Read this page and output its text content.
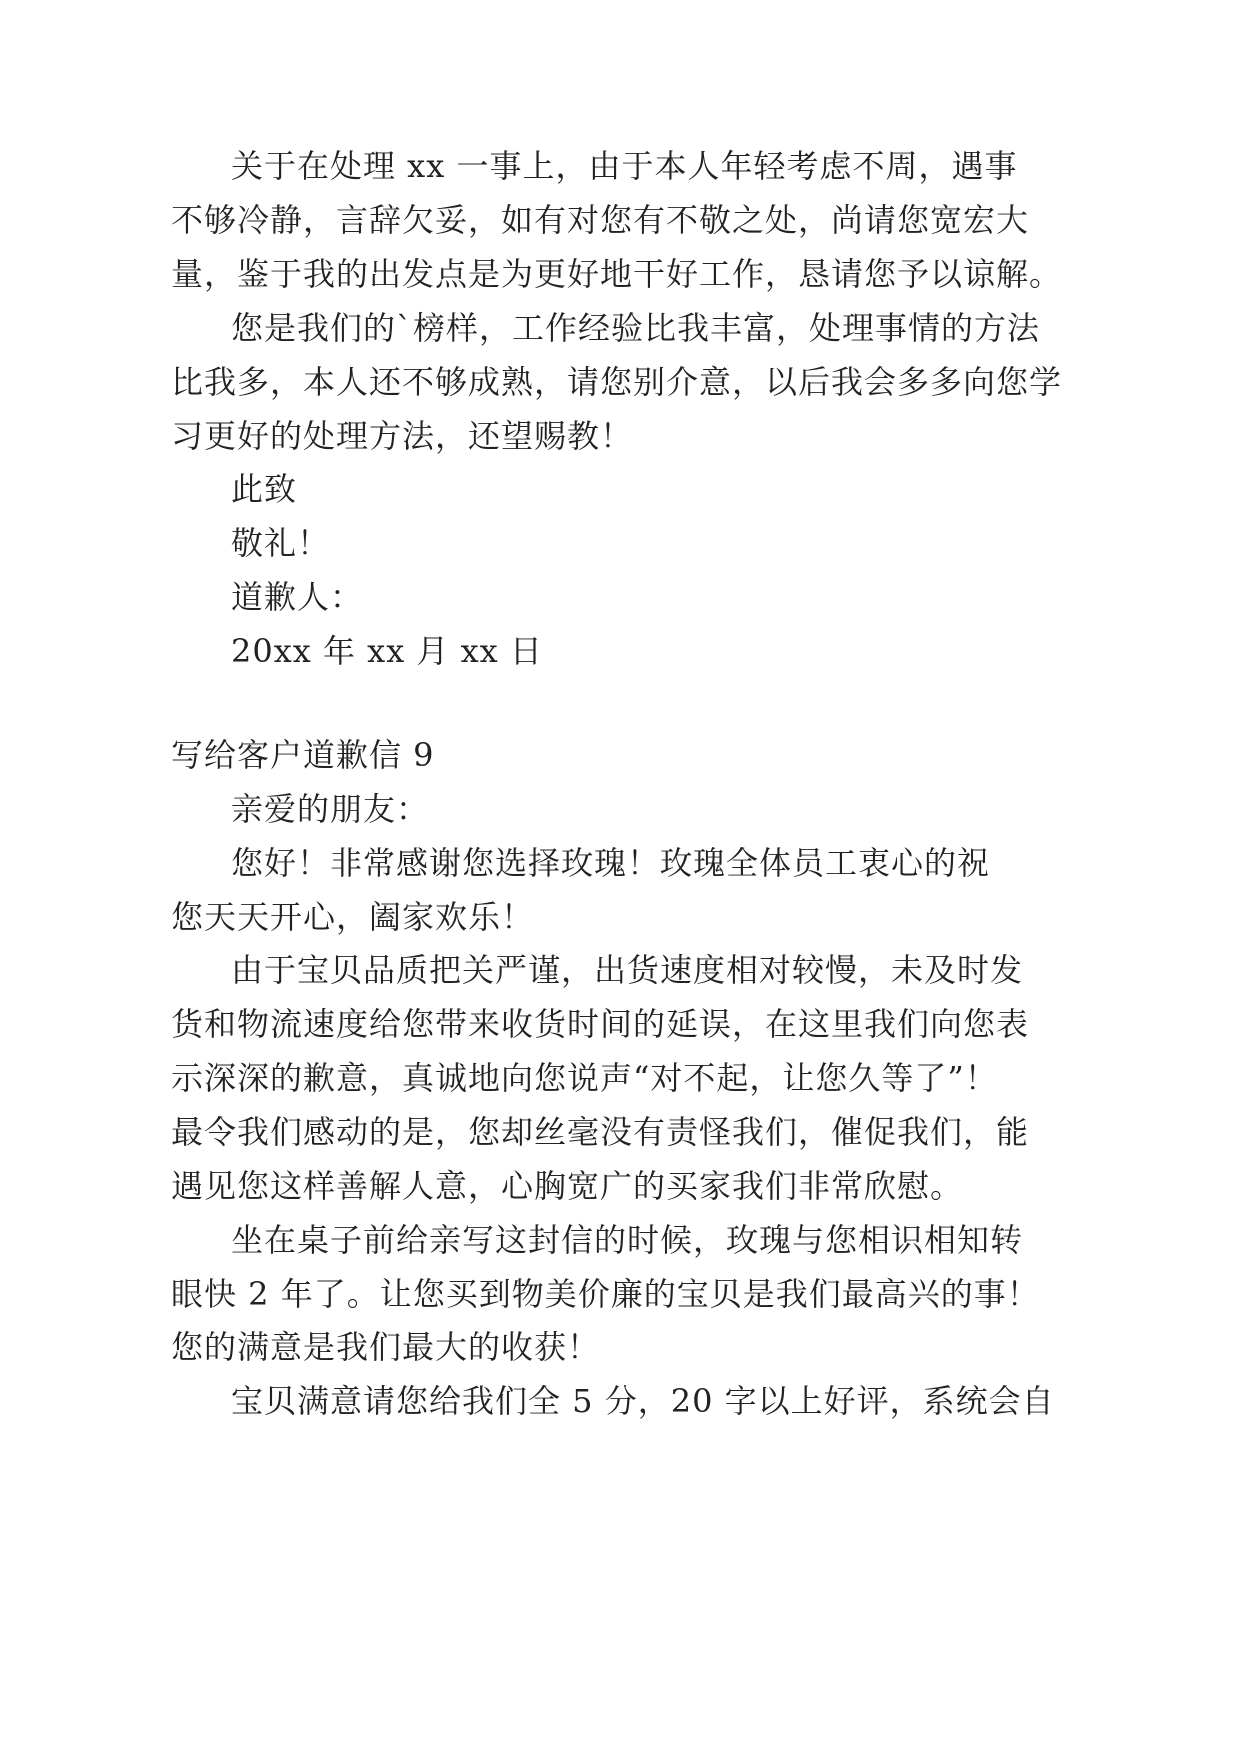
关于在处理 xx 一事上，由于本人年轻考虑不周，遇事

不够冷静，言辞欠妥，如有对您有不敬之处，尚请您宽宏大

量，鉴于我的出发点是为更好地干好工作，恳请您予以谅解。

您是我们的`榜样，工作经验比我丰富，处理事情的方法

比我多，本人还不够成熟，请您别介意，以后我会多多向您学

习更好的处理方法，还望赐教！

此致

敬礼！

道歉人：

20xx 年 xx 月 xx 日

写给客户道歉信 9

亲爱的朋友：

您好！非常感谢您选择玫瑰！玫瑰全体员工衷心的祝

您天天开心，阖家欢乐！

由于宝贝品质把关严谨，出货速度相对较慢，未及时发

货和物流速度给您带来收货时间的延误，在这里我们向您表

示深深的歉意，真诚地向您说声“对不起，让您久等了”！

最令我们感动的是，您却丝毫没有责怪我们，催促我们，能

遇见您这样善解人意，心胸宽广的买家我们非常欣慰。

坐在桌子前给亲写这封信的时候，玫瑰与您相识相知转

眼快 2 年了。让您买到物美价廉的宝贝是我们最高兴的事！

您的满意是我们最大的收获！

宝贝满意请您给我们全 5 分，20 字以上好评，系统会自
